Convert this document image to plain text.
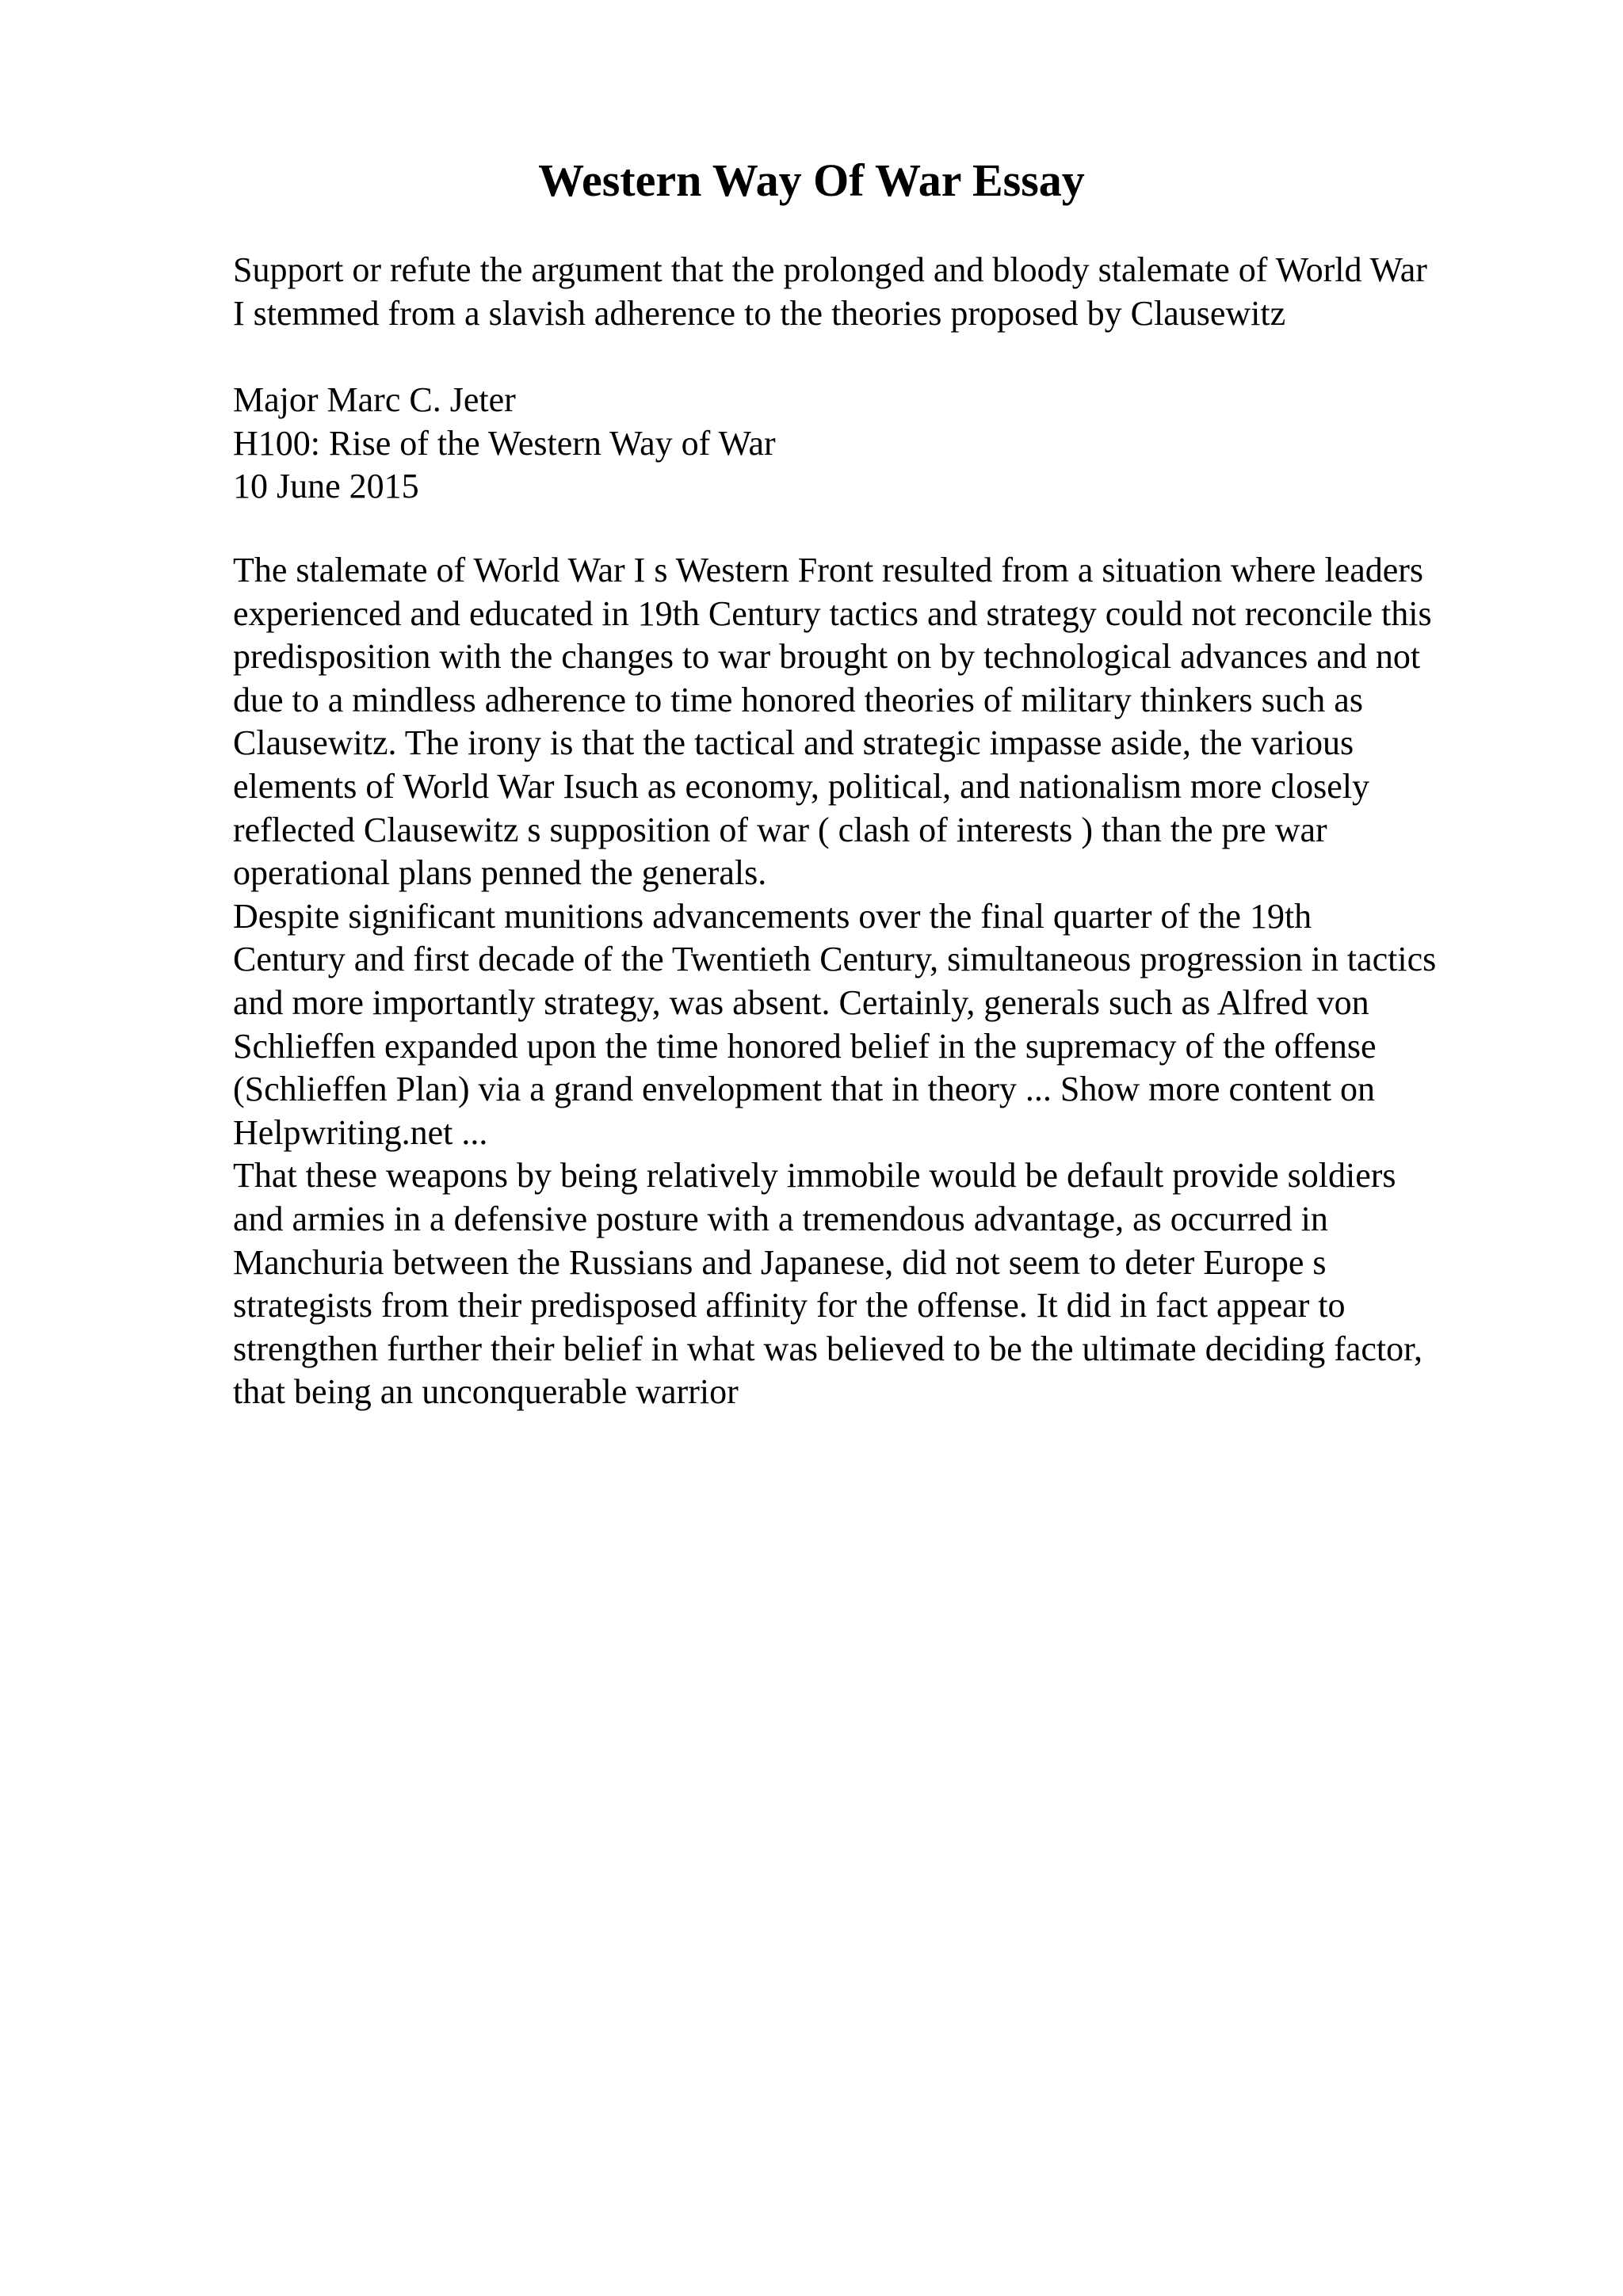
Western Way Of War Essay
Support or refute the argument that the prolonged and bloody stalemate of World War
I stemmed from a slavish adherence to the theories proposed by Clausewitz
Major Marc C. Jeter
H100: Rise of the Western Way of War
10 June 2015

The stalemate of World War I s Western Front resulted from a situation where leaders
experienced and educated in 19th Century tactics and strategy could not reconcile this
predisposition with the changes to war brought on by technological advances and not
due to a mindless adherence to time honored theories of military thinkers such as
Clausewitz. The irony is that the tactical and strategic impasse aside, the various
elements of World War Isuch as economy, political, and nationalism more closely
reflected Clausewitz s supposition of war ( clash of interests ) than the pre war
operational plans penned the generals.

Despite significant munitions advancements over the final quarter of the 19th
Century and first decade of the Twentieth Century, simultaneous progression in tactics
and more importantly strategy, was absent. Certainly, generals such as Alfred von
Schlieffen expanded upon the time honored belief in the supremacy of the offense
(Schlieffen Plan) via a grand envelopment that in theory ... Show more content on
Helpwriting.net ...

That these weapons by being relatively immobile would be default provide soldiers
and armies in a defensive posture with a tremendous advantage, as occurred in
Manchuria between the Russians and Japanese, did not seem to deter Europe s
strategists from their predisposed affinity for the offense. It did in fact appear to
strengthen further their belief in what was believed to be the ultimate deciding factor,
that being an unconquerable warrior
